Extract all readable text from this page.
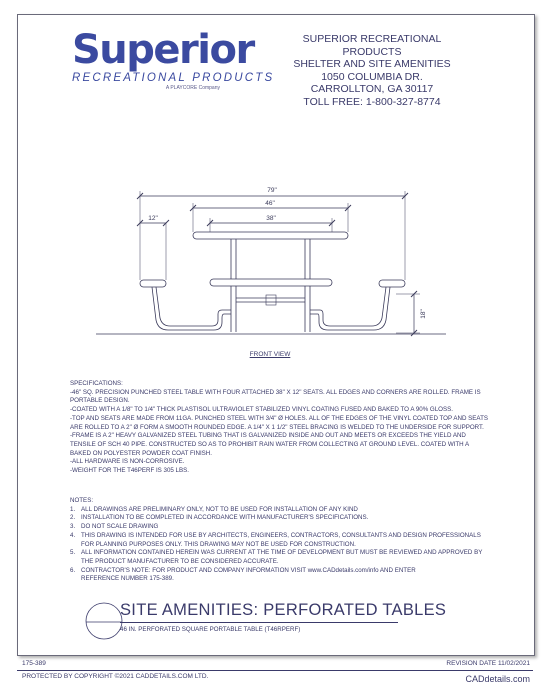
Superior
RECREATIONAL PRODUCTS
A PLAYCORE Company
SUPERIOR RECREATIONAL PRODUCTS
SHELTER AND SITE AMENITIES
1050 COLUMBIA DR.
CARROLLTON, GA 30117
TOLL FREE: 1-800-327-8774
79"
46"
38"
12"
18"
FRONT VIEW

SPECIFICATIONS:

-46" SQ. PRECISION PUNCHED STEEL TABLE WITH FOUR ATTACHED 38" X 12" SEATS. ALL EDGES AND CORNERS ARE ROLLED. FRAME IS PORTABLE DESIGN.

-COATED WITH A 1/8" TO 1/4" THICK PLASTISOL ULTRAVIOLET STABILIZED VINYL COATING FUSED AND BAKED TO A 90% GLOSS.

-TOP AND SEATS ARE MADE FROM 11GA. PUNCHED STEEL WITH 3/4" Ø HOLES. ALL OF THE EDGES OF THE VINYL COATED TOP AND SEATS ARE ROLLED TO A 2" Ø FORM A SMOOTH ROUNDED EDGE. A 1/4" X 1 1/2" STEEL BRACING IS WELDED TO THE UNDERSIDE FOR SUPPORT.

-FRAME IS A 2" HEAVY GALVANIZED STEEL TUBING THAT IS GALVANIZED INSIDE AND OUT AND MEETS OR EXCEEDS THE YIELD AND TENSILE OF SCH 40 PIPE. CONSTRUCTED SO AS TO PROHIBIT RAIN WATER FROM COLLECTING AT GROUND LEVEL. COATED WITH A BAKED ON POLYESTER POWDER COAT FINISH.

-ALL HARDWARE IS NON-CORROSIVE.

-WEIGHT FOR THE T46PERF IS 305 LBS.

NOTES:
1. ALL DRAWINGS ARE PRELIMINARY ONLY, NOT TO BE USED FOR INSTALLATION OF ANY KIND
2. INSTALLATION TO BE COMPLETED IN ACCORDANCE WITH MANUFACTURER'S SPECIFICATIONS.
3. DO NOT SCALE DRAWING
4. THIS DRAWING IS INTENDED FOR USE BY ARCHITECTS, ENGINEERS, CONTRACTORS, CONSULTANTS AND DESIGN PROFESSIONALS
FOR PLANNING PURPOSES ONLY. THIS DRAWING MAY NOT BE USED FOR CONSTRUCTION.
5. ALL INFORMATION CONTAINED HEREIN WAS CURRENT AT THE TIME OF DEVELOPMENT BUT MUST BE REVIEWED AND APPROVED BY
THE PRODUCT MANUFACTURER TO BE CONSIDERED ACCURATE.
6. CONTRACTOR'S NOTE: FOR PRODUCT AND COMPANY INFORMATION VISIT www.CADdetails.com/info AND ENTER
REFERENCE NUMBER 175-389.
SITE AMENITIES: PERFORATED TABLES
46 IN. PERFORATED SQUARE PORTABLE TABLE (T46RPERF)
175-389	REVISION DATE 11/02/2021
PROTECTED BY COPYRIGHT ©2021 CADDETAILS.COM LTD.	CADdetails.com
